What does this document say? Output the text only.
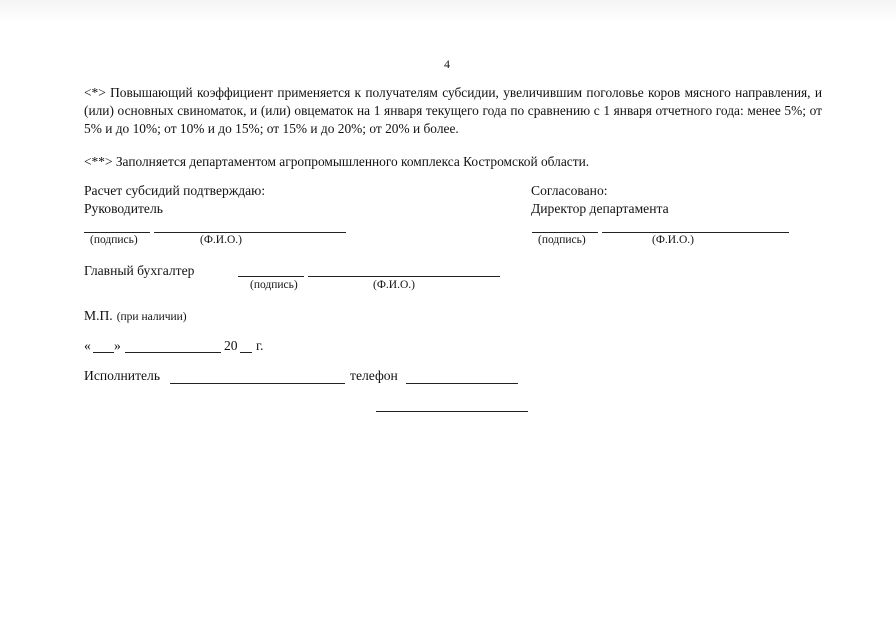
4
<*> Повышающий коэффициент применяется к получателям субсидии, увеличившим поголовье коров мясного направления, и (или) основных свиноматок, и (или) овцематок на 1 января текущего года по сравнению с 1 января отчетного года: менее 5%; от 5% и до 10%; от 10% и до 15%; от 15% и до 20%; от 20% и более.
<**> Заполняется департаментом агропромышленного комплекса Костромской области.
Расчет субсидий подтверждаю:
Руководитель
(подпись)	(Ф.И.О.)
Согласовано:
Директор департамента
(подпись)	(Ф.И.О.)
Главный бухгалтер
(подпись)	(Ф.И.О.)
М.П. (при наличии)
« »	20 г.
Исполнитель	телефон
